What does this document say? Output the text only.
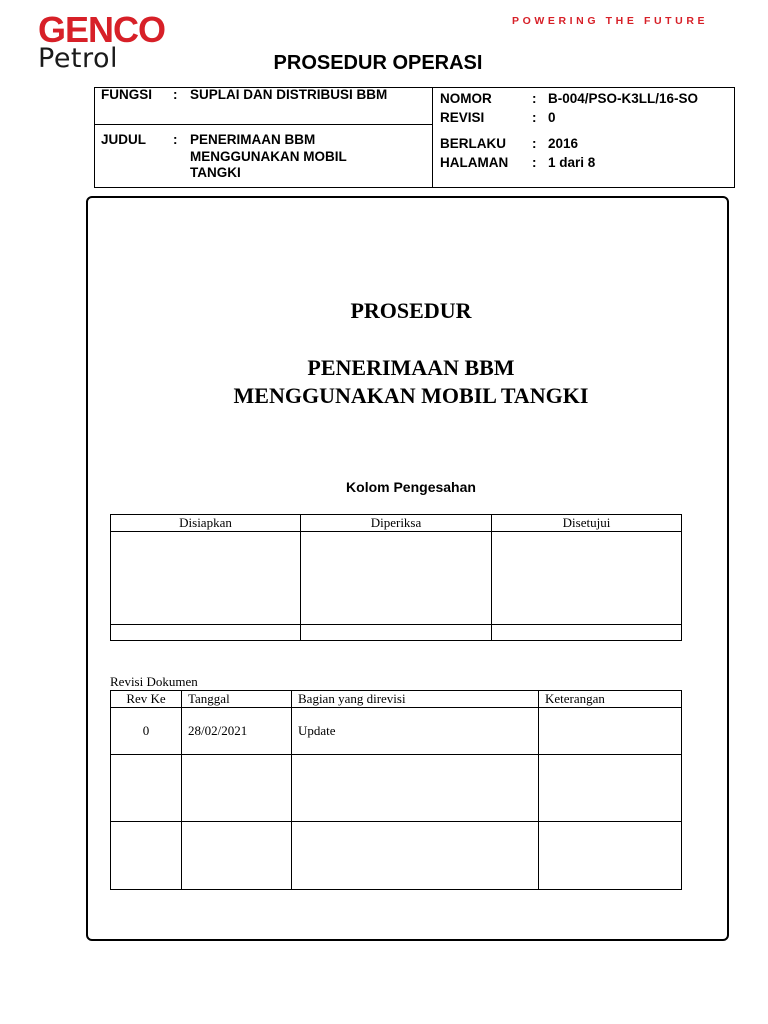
GENCO
Petrol
POWERING THE FUTURE
PROSEDUR OPERASI
FUNGSI : SUPLAI DAN DISTRIBUSI BBM
JUDUL : PENERIMAAN BBM
MENGGUNAKAN MOBIL
TANGKI
NOMOR	: B-004/PSO-K3LL/16-SO
REVISI	: 0
BERLAKU : 2016
HALAMAN : 1 dari 8
PROSEDUR
PENERIMAAN BBM
MENGGUNAKAN MOBIL TANGKI
Kolom Pengesahan
Disiapkan	Diperiksa	Disetujui

Revisi Dokumen
Rev Ke	Tanggal	Bagian yang direvisi	Keterangan
0	28/02/2021	Update	
